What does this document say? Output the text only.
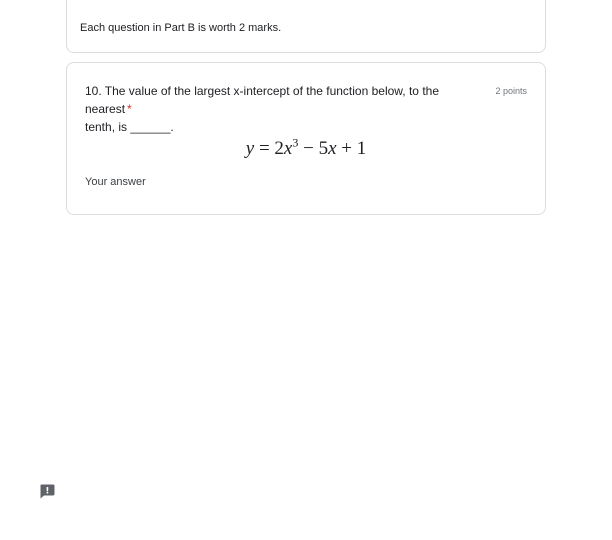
Each question in Part B is worth 2 marks.

10. The value of the largest x-intercept of the function below, to the nearest *
tenth, is ______.

2 points
$y = 2x^3 - 5x + 1$
Your answer
!
